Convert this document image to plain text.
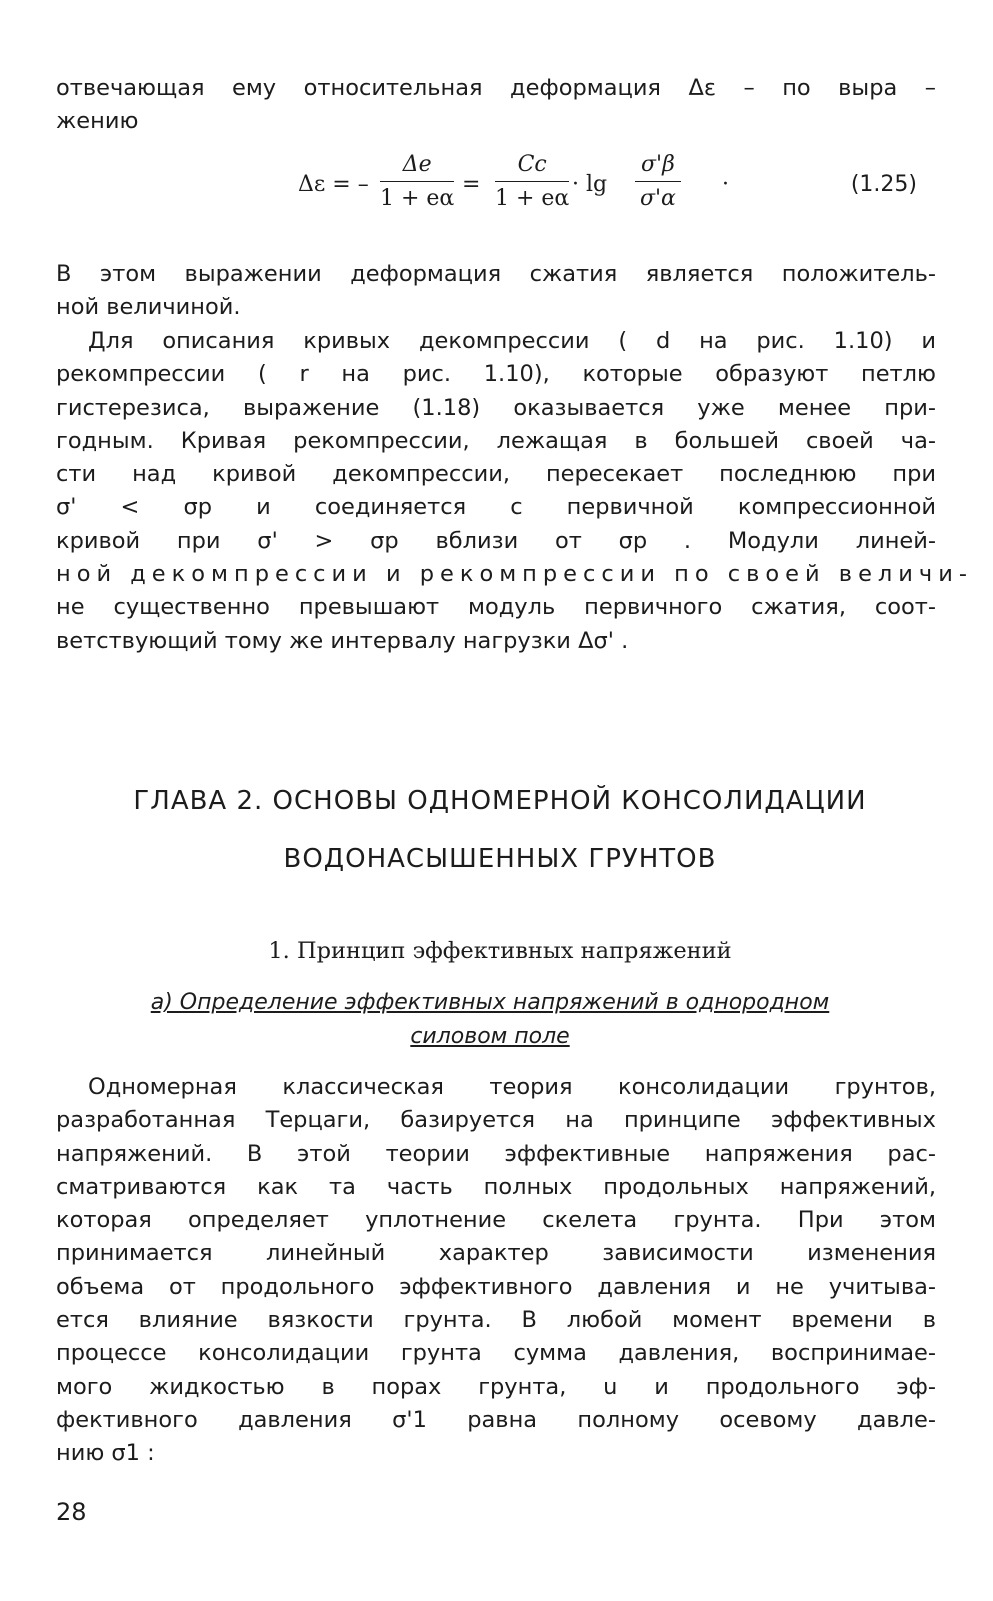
отвечающая ему относительная деформация Δε – по выра –
жению
Δε = – $\frac{\Delta e}{1 + e\alpha} = \frac{Cc}{1 + e\alpha} \cdot \lg \frac{\sigma'\beta}{\sigma'\alpha}$ ·	(1.25)
В этом выражении деформация сжатия является положитель-
ной величиной.
Для описания кривых декомпрессии ( d на рис. 1.10) и
рекомпрессии ( r на рис. 1.10), которые образуют петлю
гистерезиса, выражение (1.18) оказывается уже менее при-
годным. Кривая рекомпрессии, лежащая в большей своей ча-
сти над кривой декомпрессии, пересекает последнюю при
σ' < σp и соединяется с первичной компрессионной
кривой при σ' > σp вблизи от σp . Модули линей-
ной декомпрессии и рекомпрессии по своей величи-
не существенно превышают модуль первичного сжатия, соот-
ветствующий тому же интервалу нагрузки Δσ' .
ГЛАВА 2. ОСНОВЫ ОДНОМЕРНОЙ КОНСОЛИДАЦИИ
ВОДОНАСЫШЕННЫХ ГРУНТОВ
1. Принцип эффективных напряжений
а) Определение эффективных напряжений в однородном
силовом поле
Одномерная классическая теория консолидации грунтов,
разработанная Терцаги, базируется на принципе эффективных
напряжений. В этой теории эффективные напряжения рас-
сматриваются как та часть полных продольных напряжений,
которая определяет уплотнение скелета грунта. При этом
принимается линейный характер зависимости изменения
объема от продольного эффективного давления и не учитыва-
ется влияние вязкости грунта. В любой момент времени в
процессе консолидации грунта сумма давления, воспринимае-
мого жидкостью в порах грунта, u и продольного эф-
фективного давления σ'1 равна полному осевому давле-
нию σ1 :
28
